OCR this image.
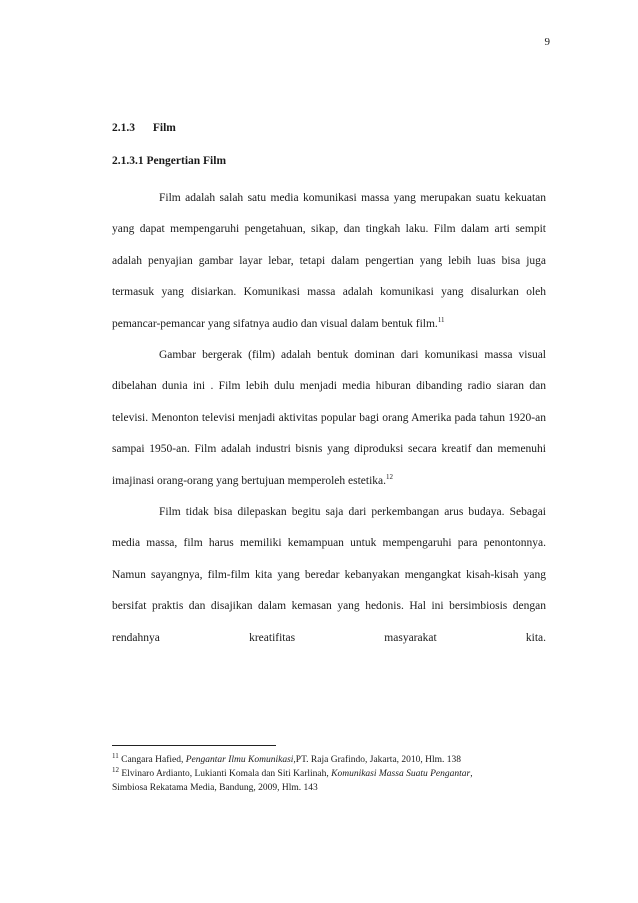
9
2.1.3 Film
2.1.3.1 Pengertian Film

Film adalah salah satu media komunikasi massa yang merupakan suatu kekuatan yang dapat mempengaruhi pengetahuan, sikap, dan tingkah laku. Film dalam arti sempit adalah penyajian gambar layar lebar, tetapi dalam pengertian yang lebih luas bisa juga termasuk yang disiarkan. Komunikasi massa adalah komunikasi yang disalurkan oleh pemancar-pemancar yang sifatnya audio dan visual dalam bentuk film.$^{11}$

Gambar bergerak (film) adalah bentuk dominan dari komunikasi massa visual dibelahan dunia ini . Film lebih dulu menjadi media hiburan dibanding radio siaran dan televisi. Menonton televisi menjadi aktivitas popular bagi orang Amerika pada tahun 1920-an sampai 1950-an. Film adalah industri bisnis yang diproduksi secara kreatif dan memenuhi imajinasi orang-orang yang bertujuan memperoleh estetika.$^{12}$

Film tidak bisa dilepaskan begitu saja dari perkembangan arus budaya. Sebagai media massa, film harus memiliki kemampuan untuk mempengaruhi para penontonnya. Namun sayangnya, film-film kita yang beredar kebanyakan mengangkat kisah-kisah yang bersifat praktis dan disajikan dalam kemasan yang hedonis. Hal ini bersimbiosis dengan rendahnya kreatifitas masyarakat kita.

$^{11}$ Cangara Hafied, Pengantar Ilmu Komunikasi,PT. Raja Grafindo, Jakarta, 2010, Hlm. 138
$^{12}$ Elvinaro Ardianto, Lukianti Komala dan Siti Karlinah, Komunikasi Massa Suatu Pengantar,
Simbiosa Rekatama Media, Bandung, 2009, Hlm. 143
